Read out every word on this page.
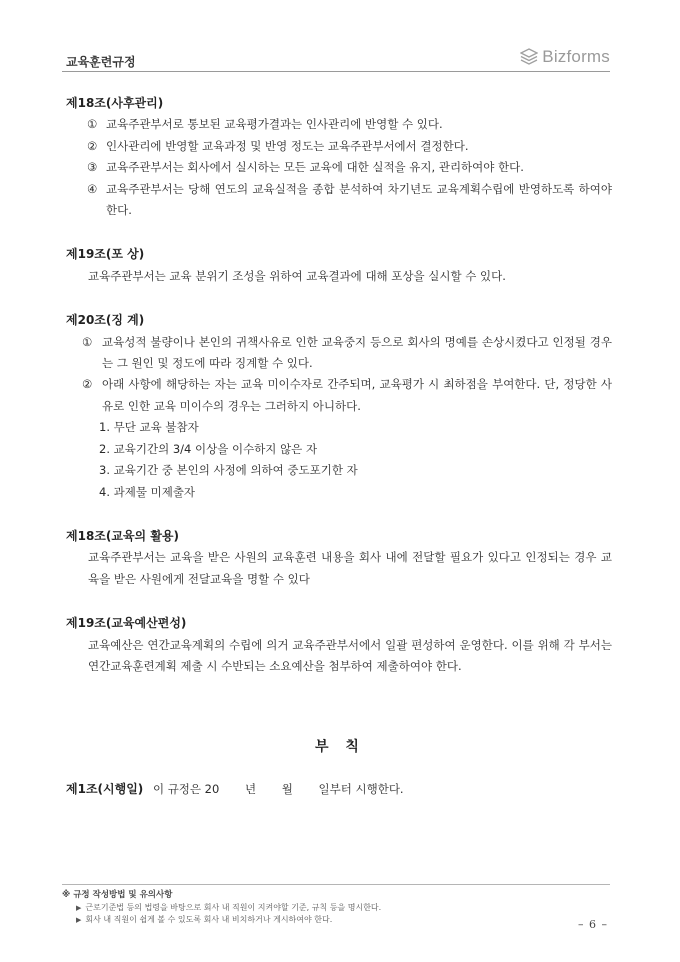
교육훈련규정	Bizforms
제18조(사후관리)
① 교육주관부서로 통보된 교육평가결과는 인사관리에 반영할 수 있다.
② 인사관리에 반영할 교육과정 및 반영 정도는 교육주관부서에서 결정한다.
③ 교육주관부서는 회사에서 실시하는 모든 교육에 대한 실적을 유지, 관리하여야 한다.
④ 교육주관부서는 당해 연도의 교육실적을 종합 분석하여 차기년도 교육계획수립에 반영하도록 하여야 한다.
제19조(포 상)
교육주관부서는 교육 분위기 조성을 위하여 교육결과에 대해 포상을 실시할 수 있다.
제20조(징 계)
① 교육성적 불량이나 본인의 귀책사유로 인한 교육중지 등으로 회사의 명예를 손상시켰다고 인정될 경우는 그 원인 및 정도에 따라 징계할 수 있다.
② 아래 사항에 해당하는 자는 교육 미이수자로 간주되며, 교육평가 시 최하점을 부여한다. 단, 정당한 사유로 인한 교육 미이수의 경우는 그러하지 아니하다.
1. 무단 교육 불참자
2. 교육기간의 3/4 이상을 이수하지 않은 자
3. 교육기간 중 본인의 사정에 의하여 중도포기한 자
4. 과제물 미제출자
제18조(교육의 활용)
교육주관부서는 교육을 받은 사원의 교육훈련 내용을 회사 내에 전달할 필요가 있다고 인정되는 경우 교육을 받은 사원에게 전달교육을 명할 수 있다
제19조(교육예산편성)
교육예산은 연간교육계획의 수립에 의거 교육주관부서에서 일괄 편성하여 운영한다. 이를 위해 각 부서는 연간교육훈련계획 제출 시 수반되는 소요예산을 첨부하여 제출하여야 한다.
부 칙
제1조(시행일) 이 규정은 20 년 월 일부터 시행한다.
※ 규정 작성방법 및 유의사항
▶ 근로기준법 등의 법령을 바탕으로 회사 내 직원이 지켜야할 기준, 규칙 등을 명시한다.
▶ 회사 내 직원이 쉽게 볼 수 있도록 회사 내 비치하거나 게시하여야 한다.	– 6 –
